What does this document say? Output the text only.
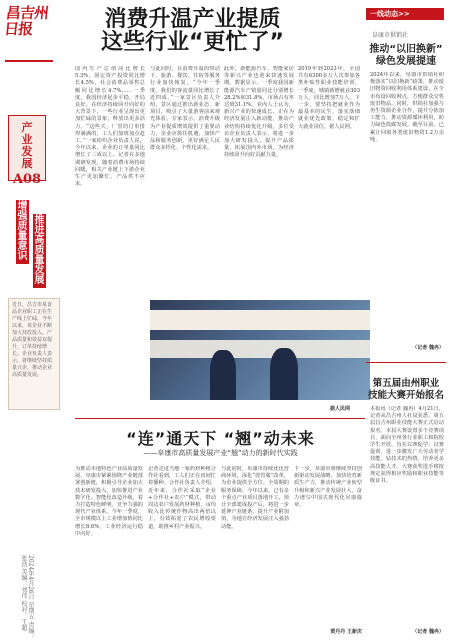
昌吉州日报
产业发展
A08
增强质量意识
推进高质量发展
近日，昌吉市某食品企业职工正在生产线上忙碌。今年以来，该企业不断加大技改投入，产品质量和效益双提升，订单持续增长。企业负责人表示，将继续坚持质量兴企，推动企业高质量发展。
2024年4月26日 星期五 责编：张浩 美编：刘伟 校对：王超
消费升温产业提质
这些行业“更忙了”
国内生产总值同比增长5.3%，固定资产投资同比增长4.5%，社会消费品零售总额同比增长4.7%……一季度，我国经济起步平稳，开局良好。在经济持续回升向好的大背景下，一些行业呈现出更加忙碌的景象，释放出更多活力。“这些天，厂里的订单排得满满的，工人们加班加点赶工。”一家纺织企业负责人说，今年以来，企业的订单量同比增长了三成以上。记者在多地调研发现，随着消费市场持续回暖，相关产业链上下游企业生产更加繁忙，产品供不应求。
与此同时，在消费升温的带动下，旅游、餐饮、住宿等服务行业加快恢复。“今年一季度，我们的客流量同比增长了近四成。”一家景区负责人介绍，景区通过推出新业态、新项目，吸引了大量游客前来观光体验。专家表示，消费升级为产业提质增效提供了重要动力，企业应抓住机遇，加快产品和服务创新，更好满足人民群众多样化、个性化需求。
此外，新能源汽车、智能家居等新兴产业也迎来快速发展期。数据显示，一季度我国新能源汽车产销量同比分别增长28.2%和31.8%，市场占有率达到31.1%。业内人士认为，新兴产业的快速成长，正在为经济发展注入新动能，推动产业结构持续优化升级。多位受访企业负责人表示，将进一步加大研发投入，提升产品质量，拓展国内外市场，为经济持续回升向好贡献力量。
2019年到2023年，全国共有6300多万人次参加各类补贴性职业技能培训。一季度，城镇新增就业303万人，同比增加7万人。下一步，要坚持把就业作为最基本的民生，落实落细就业优先政策，稳定和扩大就业岗位。据人民网。
据人民网
一线动态>>
阜康市供销社
推动“以旧换新”
绿色发展提速
2024年以来，阜康市供销社积极落实“以旧换新”政策，推动废旧物资回收利用体系建设，在全市布设回收网点，方便群众交售废旧物品。同时，供销社加强与再生资源企业合作，提升分拣加工能力，推动资源循环利用，助力绿色低碳发展。截至目前，已累计回收各类废旧物资1.2万余吨。
（记者 魏冉）
第五届由州职业
技能大赛开始报名
本报讯（记者 魏冉）4月21日，记者从昌吉州人社局获悉，第五届昌吉州职业技能大赛正式启动报名。本届大赛设置多个竞赛项目，面向全州各行业职工和院校学生开放，旨在以赛促学、以赛促训，进一步激发广大劳动者学技能、钻技术的热情，培养更多高技能人才。大赛获奖选手将按规定获得相应奖励和职业技能等级证书。
（记者 魏冉）
“连”通天下 “翘”动未来
——阜康市高质量发展产业“翘”动力的新时代实践
为推动本地特色产业高质量发展，阜康市紧紧围绕产业链部署创新链，积极引导企业加大技术研发投入，加快推进产业数字化、智能化改造升级，着力打造特色鲜明、竞争力强的现代产业体系。今年一季度，全市规模以上工业增加值同比增长8.6%，工业经济运行稳中向好。
记者走进当地一家药材种植合作社看到，工人们正在田间忙着播种。合作社负责人介绍，近年来，合作社采取“企业+合作社+农户”模式，带动周边农户发展药材种植，亩均收入比传统作物高出两倍以上，有效拓宽了农民增收渠道，助推乡村产业振兴。
与此同时，阜康市持续优化营商环境，深化“放管服”改革，为企业提供全方位、全周期的服务保障。今年以来，已有多个重点产业项目落地开工，预计全部建成投产后，将进一步延伸产业链条，提升产业附加值，为地方经济发展注入强劲动能。
下一步，阜康市将继续坚持创新驱动发展战略，加快培育新质生产力，推动传统产业转型升级和新兴产业发展壮大，奋力谱写中国式现代化阜康篇章。
贾丹丹 王新庆
